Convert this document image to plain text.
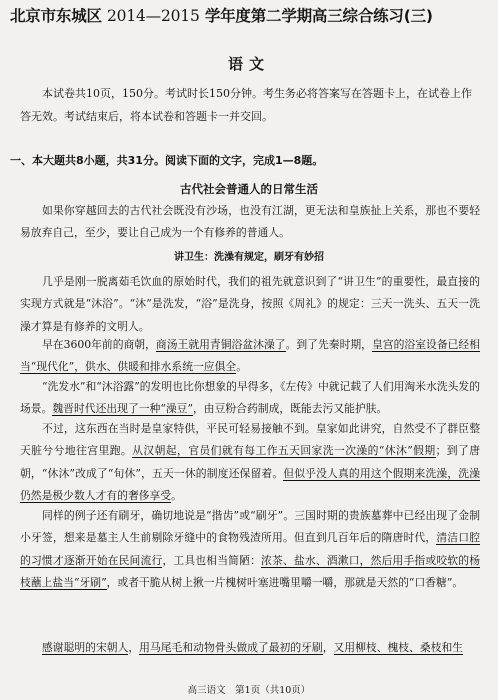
北京市东城区 2014—2015 学年度第二学期高三综合练习(三)
语文
本试卷共10页，150分。考试时长150分钟。考生务必将答案写在答题卡上，在试卷上作答无效。考试结束后，将本试卷和答题卡一并交回。
一、本大题共8小题，共31分。阅读下面的文字，完成1—8题。
古代社会普通人的日常生活
如果你穿越回去的古代社会既没有沙场，也没有江湖，更无法和皇族扯上关系，那也不要轻易放弃自己，至少，要让自己成为一个有修养的普通人。
讲卫生：洗澡有规定，刷牙有妙招
几乎是刚一脱离茹毛饮血的原始时代，我们的祖先就意识到了“讲卫生”的重要性，最直接的实现方式就是“沐浴”。“沐”是洗发，“浴”是洗身，按照《周礼》的规定：三天一洗头、五天一洗澡才算是有修养的文明人。
早在3600年前的商朝，商汤王就用青铜浴盆沐澡了。到了先秦时期，皇宫的浴室设备已经相当“现代化”，供水、供暖和排水系统一应俱全。
“洗发水”和“沐浴露”的发明也比你想象的早得多，《左传》中就记载了人们用淘米水洗头发的场景。魏晋时代还出现了一种“澡豆”，由豆粉合药制成，既能去污又能护肤。
不过，这东西在当时是皇家特供，平民可轻易接触不到。皇家如此讲究，自然受不了群臣整天脏兮兮地往宫里跑。从汉朝起，官员们就有每工作五天回家洗一次澡的“休沐”假期；到了唐朝，“休沐”改成了“旬休”，五天一休的制度还保留着。但似乎没人真的用这个假期来洗澡，洗澡仍然是极少数人才有的奢侈享受。
同样的例子还有刷牙，确切地说是“揩齿”或“刷牙”。三国时期的贵族墓葬中已经出现了金制小牙签，想来是墓主人生前剔除牙缝中的食物残渣所用。但直到几百年后的隋唐时代，清洁口腔的习惯才逐渐开始在民间流行，工具也相当简陋：浓茶、盐水、酒漱口，然后用手指或咬软的杨枝蘸上盐当“牙刷”，或者干脆从树上揪一片槐树叶塞进嘴里嚼一嚼，那就是天然的“口香糖”。
感谢聪明的宋朝人，用马尾毛和动物骨头做成了最初的牙刷，又用柳枝、槐枝、桑枝和生
高三语文　第1页（共10页）
